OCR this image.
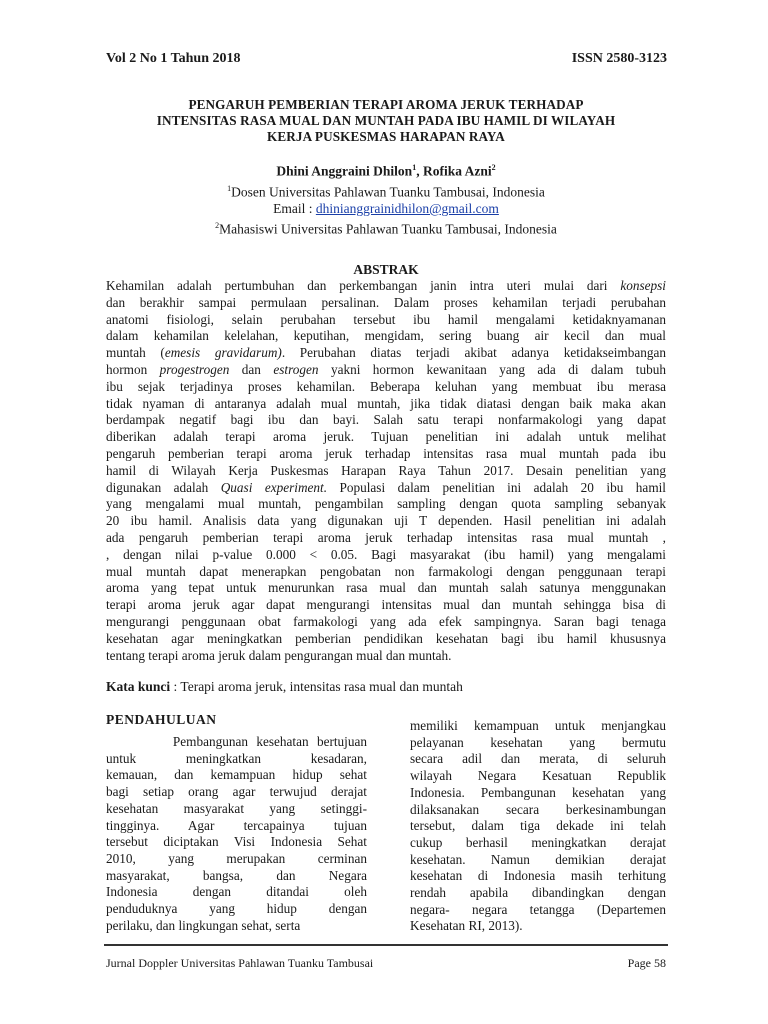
Vol 2 No 1 Tahun 2018	ISSN 2580-3123
PENGARUH PEMBERIAN TERAPI AROMA JERUK TERHADAP
INTENSITAS RASA MUAL DAN MUNTAH PADA IBU HAMIL DI WILAYAH
KERJA PUSKESMAS HARAPAN RAYA
Dhini Anggraini Dhilon$^1$, Rofika Azni$^2$
$^1$Dosen Universitas Pahlawan Tuanku Tambusai, Indonesia
Email : dhinianggrainidhilon@gmail.com
$^2$Mahasiswi Universitas Pahlawan Tuanku Tambusai, Indonesia
ABSTRAK
Kehamilan adalah pertumbuhan dan perkembangan janin intra uteri mulai dari konsepsi
dan berakhir sampai permulaan persalinan. Dalam proses kehamilan terjadi perubahan
anatomi fisiologi, selain perubahan tersebut ibu hamil mengalami ketidaknyamanan
dalam kehamilan kelelahan, keputihan, mengidam, sering buang air kecil dan mual
muntah (emesis gravidarum). Perubahan diatas terjadi akibat adanya ketidakseimbangan
hormon progestrogen dan estrogen yakni hormon kewanitaan yang ada di dalam tubuh
ibu sejak terjadinya proses kehamilan. Beberapa keluhan yang membuat ibu merasa
tidak nyaman di antaranya adalah mual muntah, jika tidak diatasi dengan baik maka akan
berdampak negatif bagi ibu dan bayi. Salah satu terapi nonfarmakologi yang dapat
diberikan adalah terapi aroma jeruk. Tujuan penelitian ini adalah untuk melihat
pengaruh pemberian terapi aroma jeruk terhadap intensitas rasa mual muntah pada ibu
hamil di Wilayah Kerja Puskesmas Harapan Raya Tahun 2017. Desain penelitian yang
digunakan adalah Quasi experiment. Populasi dalam penelitian ini adalah 20 ibu hamil
yang mengalami mual muntah, pengambilan sampling dengan quota sampling sebanyak
20 ibu hamil. Analisis data yang digunakan uji T dependen. Hasil penelitian ini adalah
ada pengaruh pemberian terapi aroma jeruk terhadap intensitas rasa mual muntah ,
, dengan nilai p-value 0.000 < 0.05. Bagi masyarakat (ibu hamil) yang mengalami
mual muntah dapat menerapkan pengobatan non farmakologi dengan penggunaan terapi
aroma yang tepat untuk menurunkan rasa mual dan muntah salah satunya menggunakan
terapi aroma jeruk agar dapat mengurangi intensitas mual dan muntah sehingga bisa di
mengurangi penggunaan obat farmakologi yang ada efek sampingnya. Saran bagi tenaga
kesehatan agar meningkatkan pemberian pendidikan kesehatan bagi ibu hamil khususnya
tentang terapi aroma jeruk dalam pengurangan mual dan muntah.
Kata kunci : Terapi aroma jeruk, intensitas rasa mual dan muntah
PENDAHULUAN
Pembangunan kesehatan bertujuan
untuk meningkatkan kesadaran,
kemauan, dan kemampuan hidup sehat
bagi setiap orang agar terwujud derajat
kesehatan masyarakat yang setinggi-
tingginya. Agar tercapainya tujuan
tersebut diciptakan Visi Indonesia Sehat
2010, yang merupakan cerminan
masyarakat, bangsa, dan Negara
Indonesia dengan ditandai oleh
penduduknya yang hidup dengan
perilaku, dan lingkungan sehat, serta
memiliki kemampuan untuk menjangkau
pelayanan kesehatan yang bermutu
secara adil dan merata, di seluruh
wilayah Negara Kesatuan Republik
Indonesia. Pembangunan kesehatan yang
dilaksanakan secara berkesinambungan
tersebut, dalam tiga dekade ini telah
cukup berhasil meningkatkan derajat
kesehatan. Namun demikian derajat
kesehatan di Indonesia masih terhitung
rendah apabila dibandingkan dengan
negara- negara tetangga (Departemen
Kesehatan RI, 2013).
Jurnal Doppler Universitas Pahlawan Tuanku Tambusai	Page 58
